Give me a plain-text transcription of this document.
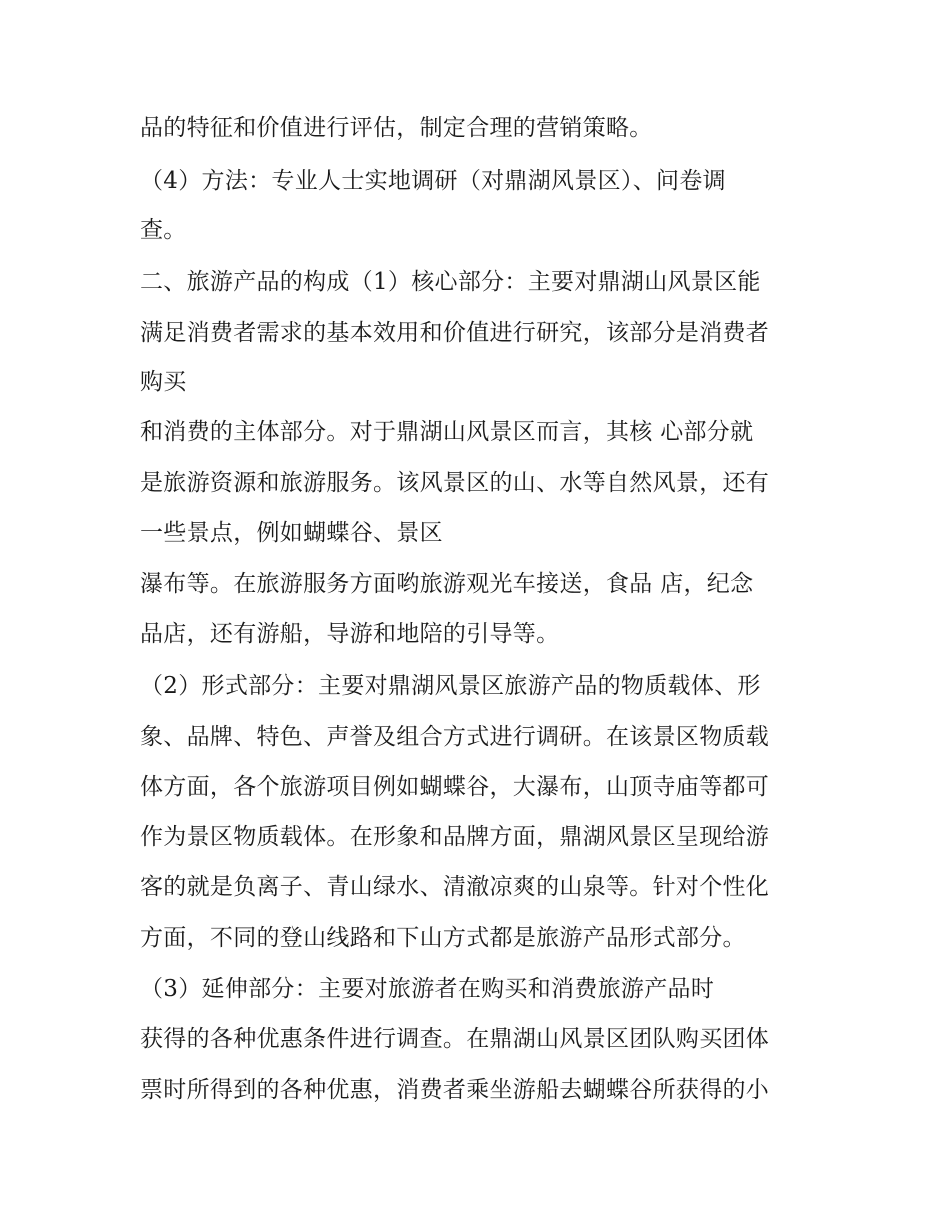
品的特征和价值进行评估，制定合理的营销策略。
（4）方法：专业人士实地调研（对鼎湖风景区）、问卷调
查。
二、旅游产品的构成（1）核心部分：主要对鼎湖山风景区能
满足消费者需求的基本效用和价值进行研究，该部分是消费者
购买
和消费的主体部分。对于鼎湖山风景区而言，其核 心部分就
是旅游资源和旅游服务。该风景区的山、水等自然风景，还有
一些景点，例如蝴蝶谷、景区
瀑布等。在旅游服务方面哟旅游观光车接送，食品 店，纪念
品店，还有游船，导游和地陪的引导等。
（2）形式部分：主要对鼎湖风景区旅游产品的物质载体、形
象、品牌、特色、声誉及组合方式进行调研。在该景区物质载
体方面，各个旅游项目例如蝴蝶谷，大瀑布，山顶寺庙等都可
作为景区物质载体。在形象和品牌方面，鼎湖风景区呈现给游
客的就是负离子、青山绿水、清澈凉爽的山泉等。针对个性化
方面，不同的登山线路和下山方式都是旅游产品形式部分。
（3）延伸部分：主要对旅游者在购买和消费旅游产品时
获得的各种优惠条件进行调查。在鼎湖山风景区团队购买团体
票时所得到的各种优惠，消费者乘坐游船去蝴蝶谷所获得的小
